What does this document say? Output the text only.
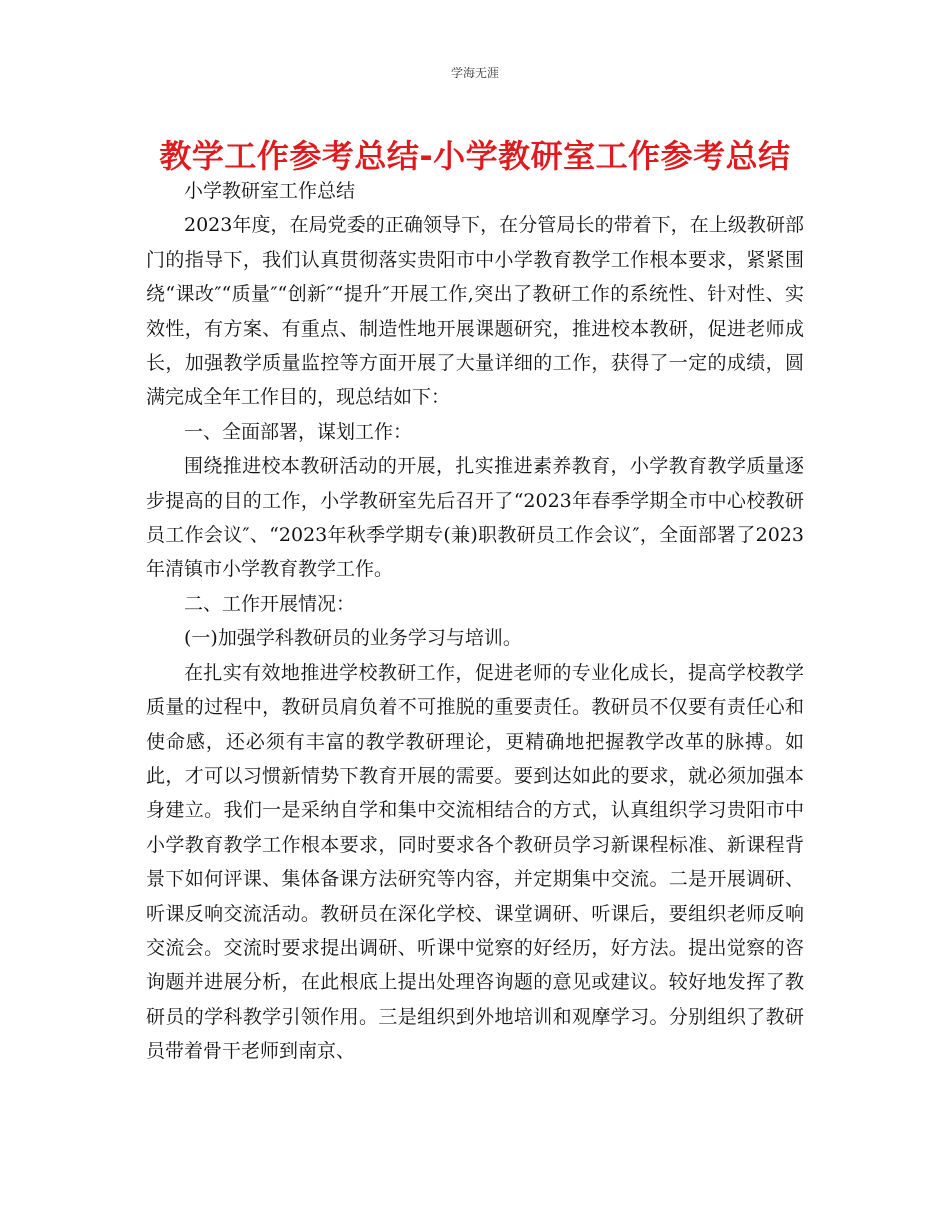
学海无涯
教学工作参考总结-小学教研室工作参考总结

小学教研室工作总结

2023年度，在局党委的正确领导下，在分管局长的带着下，在上级教研部门的指导下，我们认真贯彻落实贵阳市中小学教育教学工作根本要求，紧紧围绕“课改″“质量″“创新″“提升″开展工作,突出了教研工作的系统性、针对性、实效性，有方案、有重点、制造性地开展课题研究，推进校本教研，促进老师成长，加强教学质量监控等方面开展了大量详细的工作，获得了一定的成绩，圆满完成全年工作目的，现总结如下：

一、全面部署，谋划工作：

围绕推进校本教研活动的开展，扎实推进素养教育，小学教育教学质量逐步提高的目的工作，小学教研室先后召开了“2023年春季学期全市中心校教研员工作会议″、“2023年秋季学期专(兼)职教研员工作会议″，全面部署了2023年清镇市小学教育教学工作。

二、工作开展情况：

(一)加强学科教研员的业务学习与培训。

在扎实有效地推进学校教研工作，促进老师的专业化成长，提高学校教学质量的过程中，教研员肩负着不可推脱的重要责任。教研员不仅要有责任心和使命感，还必须有丰富的教学教研理论，更精确地把握教学改革的脉搏。如此，才可以习惯新情势下教育开展的需要。要到达如此的要求，就必须加强本身建立。我们一是采纳自学和集中交流相结合的方式，认真组织学习贵阳市中小学教育教学工作根本要求，同时要求各个教研员学习新课程标准、新课程背景下如何评课、集体备课方法研究等内容，并定期集中交流。二是开展调研、听课反响交流活动。教研员在深化学校、课堂调研、听课后，要组织老师反响交流会。交流时要求提出调研、听课中觉察的好经历，好方法。提出觉察的咨询题并进展分析，在此根底上提出处理咨询题的意见或建议。较好地发挥了教研员的学科教学引领作用。三是组织到外地培训和观摩学习。分别组织了教研员带着骨干老师到南京、
